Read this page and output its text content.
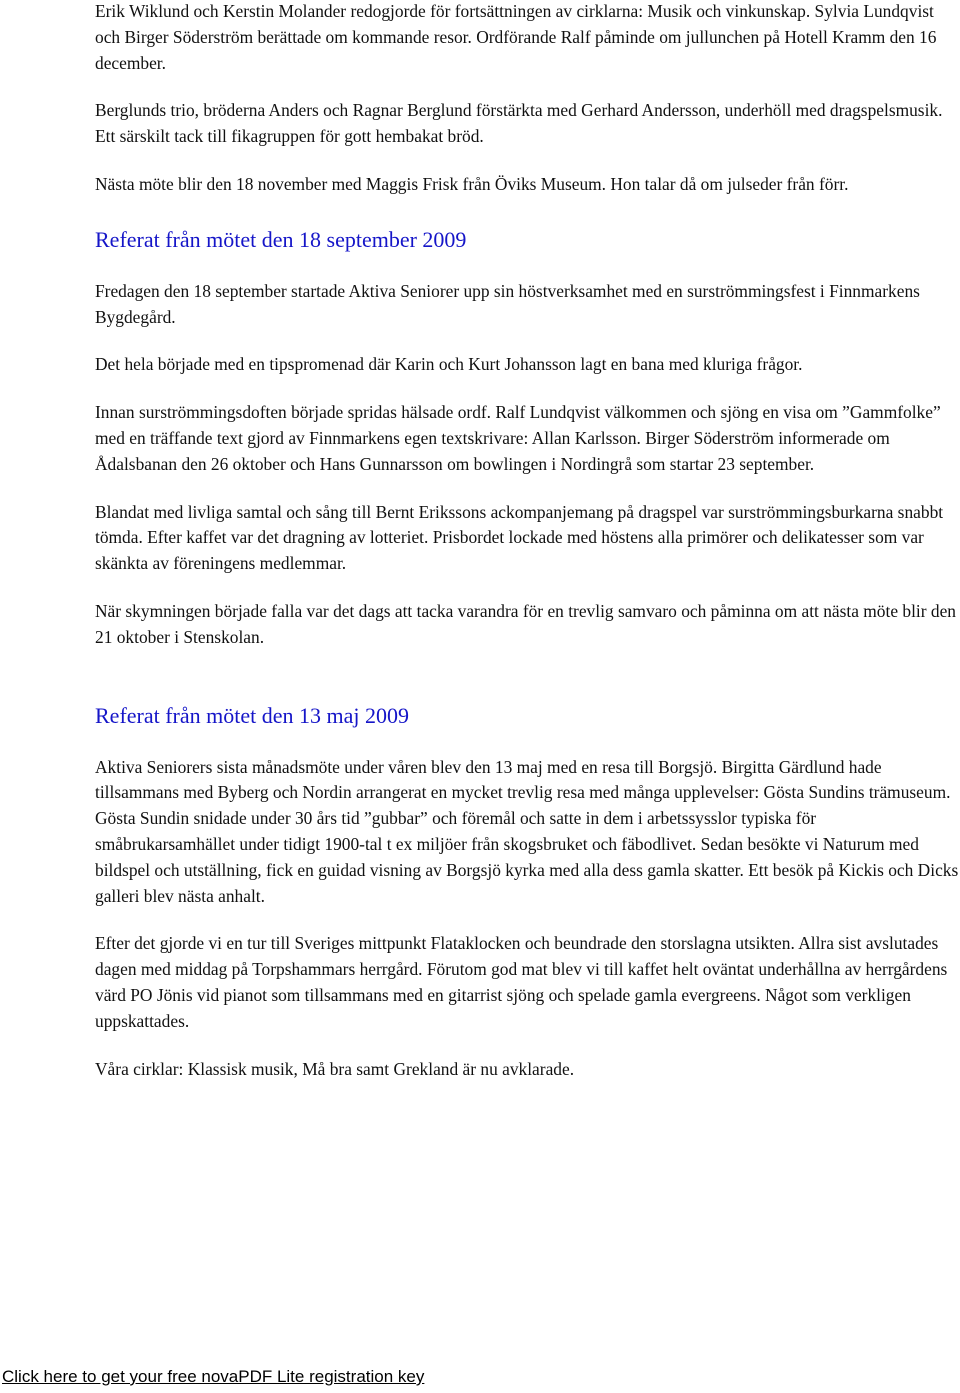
Erik Wiklund och Kerstin Molander redogjorde för fortsättningen av cirklarna: Musik och vinkunskap. Sylvia Lundqvist och Birger Söderström berättade om kommande resor. Ordförande Ralf påminde om jullunchen på Hotell Kramm den 16 december.

Berglunds trio, bröderna Anders och Ragnar Berglund förstärkta med Gerhard Andersson, underhöll med dragspelsmusik. Ett särskilt tack till fikagruppen för gott hembakat bröd.

Nästa möte blir den 18 november med Maggis Frisk från Öviks Museum. Hon talar då om julseder från förr.

Referat från mötet den 18 september 2009

Fredagen den 18 september startade Aktiva Seniorer upp sin höstverksamhet med en surströmmingsfest i Finnmarkens Bygdegård.

Det hela började med en tipspromenad där Karin och Kurt Johansson lagt en bana med kluriga frågor.

Innan surströmmingsdoften började spridas hälsade ordf. Ralf Lundqvist välkommen och sjöng en visa om ”Gammfolke” med en träffande text gjord av Finnmarkens egen textskrivare: Allan Karlsson. Birger Söderström informerade om Ådalsbanan den 26 oktober och Hans Gunnarsson om bowlingen i Nordingrå som startar 23 september.

Blandat med livliga samtal och sång till Bernt Erikssons ackompanjemang på dragspel var surströmmingsburkarna snabbt tömda. Efter kaffet var det dragning av lotteriet. Prisbordet lockade med höstens alla primörer och delikatesser som var skänkta av föreningens medlemmar.

När skymningen började falla var det dags att tacka varandra för en trevlig samvaro och påminna om att nästa möte blir den 21 oktober i Stenskolan.

Referat från mötet den 13 maj 2009

Aktiva Seniorers sista månadsmöte under våren blev den 13 maj med en resa till Borgsjö. Birgitta Gärdlund hade tillsammans med Byberg och Nordin arrangerat en mycket trevlig resa med många upplevelser: Gösta Sundins trämuseum. Gösta Sundin snidade under 30 års tid ”gubbar” och föremål och satte in dem i arbetssysslor typiska för småbrukarsamhället under tidigt 1900-tal t ex miljöer från skogsbruket och fäbodlivet. Sedan besökte vi Naturum med bildspel och utställning, fick en guidad visning av Borgsjö kyrka med alla dess gamla skatter. Ett besök på Kickis och Dicks galleri blev nästa anhalt.

Efter det gjorde vi en tur till Sveriges mittpunkt Flataklocken och beundrade den storslagna utsikten. Allra sist avslutades dagen med middag på Torpshammars herrgård. Förutom god mat blev vi till kaffet helt oväntat underhållna av herrgårdens värd PO Jönis vid pianot som tillsammans med en gitarrist sjöng och spelade gamla evergreens. Något som verkligen uppskattades.

Våra cirklar: Klassisk musik, Må bra samt Grekland är nu avklarade.

Click here to get your free novaPDF Lite registration key
